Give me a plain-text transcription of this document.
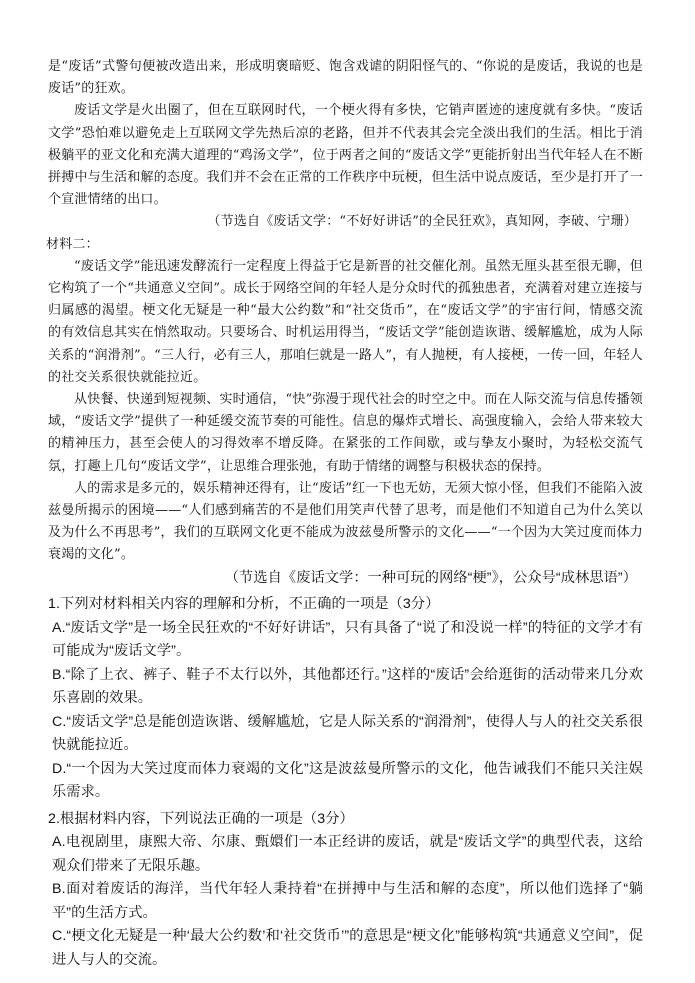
是“废话”式警句便被改造出来，形成明褒暗贬、饱含戏谑的阴阳怪气的、“你说的是废话，我说的也是废话”的狂欢。

废话文学是火出圈了，但在互联网时代，一个梗火得有多快，它销声匿迹的速度就有多快。“废话文学”恐怕难以避免走上互联网文学先热后凉的老路，但并不代表其会完全淡出我们的生活。相比于消极躺平的亚文化和充满大道理的“鸡汤文学”，位于两者之间的“废话文学”更能折射出当代年轻人在不断拼搏中与生活和解的态度。我们并不会在正常的工作秩序中玩梗，但生活中说点废话，至少是打开了一个宣泄情绪的出口。

（节选自《废话文学：“不好好讲话”的全民狂欢》，真知网，李破、宁珊）

材料二：

“废话文学”能迅速发酵流行一定程度上得益于它是新晋的社交催化剂。虽然无厘头甚至很无聊，但它构筑了一个“共通意义空间”。成长于网络空间的年轻人是分众时代的孤独患者，充满着对建立连接与归属感的渴望。梗文化无疑是一种“最大公约数”和“社交货币”，在“废话文学”的宇宙行间，情感交流的有效信息其实在悄然取动。只要场合、时机运用得当，“废话文学”能创造诙谐、缓解尴尬，成为人际关系的“润滑剂”。“三人行，必有三人，那咱仨就是一路人”，有人抛梗，有人接梗，一传一回，年轻人的社交关系很快就能拉近。

从快餐、快递到短视频、实时通信，“快”弥漫于现代社会的时空之中。而在人际交流与信息传播领域，“废话文学”提供了一种延缓交流节奏的可能性。信息的爆炸式增长、高强度输入，会给人带来较大的精神压力，甚至会使人的习得效率不增反降。在紧张的工作间歇，或与挚友小聚时，为轻松交流气氛，打趣上几句“废话文学”，让思维合理张弛，有助于情绪的调整与积极状态的保持。

人的需求是多元的，娱乐精神还得有，让“废话”红一下也无妨，无须大惊小怪，但我们不能陷入波兹曼所揭示的困境——“人们感到痛苦的不是他们用笑声代替了思考，而是他们不知道自己为什么笑以及为什么不再思考”，我们的互联网文化更不能成为波兹曼所警示的文化——“一个因为大笑过度而体力衰竭的文化”。

（节选自《废话文学：一种可玩的网络“梗”》，公众号“成林思语”）

1.下列对材料相关内容的理解和分析，不正确的一项是（3分）

A.“废话文学”是一场全民狂欢的“不好好讲话”，只有具备了“说了和没说一样”的特征的文学才有可能成为“废话文学”。

B.“除了上衣、裤子、鞋子不太行以外，其他都还行。”这样的“废话”会给逛街的活动带来几分欢乐喜剧的效果。

C.“废话文学”总是能创造诙谐、缓解尴尬，它是人际关系的“润滑剂”，使得人与人的社交关系很快就能拉近。

D.“一个因为大笑过度而体力衰竭的文化”这是波兹曼所警示的文化，他告诫我们不能只关注娱乐需求。

2.根据材料内容，下列说法正确的一项是（3分）

A.电视剧里，康熙大帝、尔康、甄嬛们一本正经讲的废话，就是“废话文学”的典型代表，这给观众们带来了无限乐趣。

B.面对着废话的海洋，当代年轻人秉持着“在拼搏中与生活和解的态度”，所以他们选择了“躺平”的生活方式。

C.“梗文化无疑是一种‘最大公约数’和‘社交货币’”的意思是“梗文化”能够构筑“共通意义空间”，促进人与人的交流。
